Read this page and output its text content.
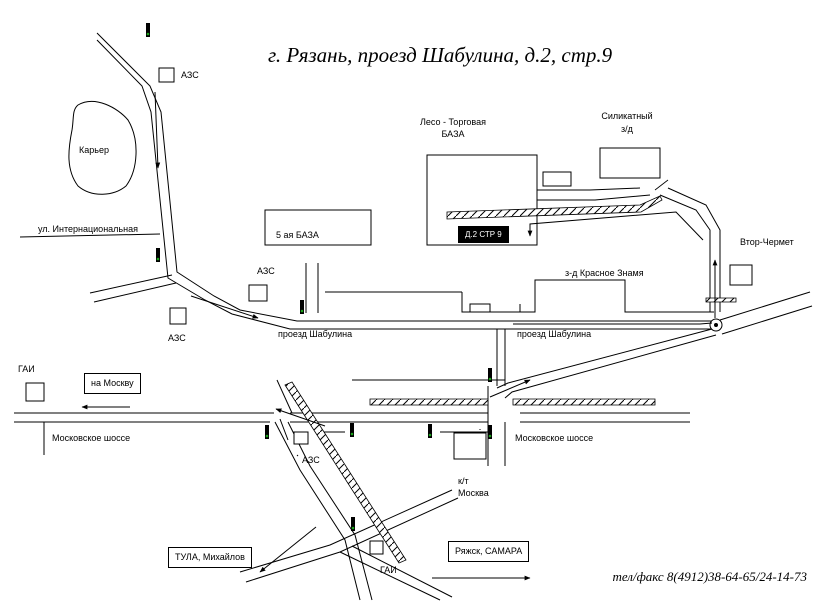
г. Рязань, проезд Шабулина, д.2, стр.9
АЗС
Карьер
ул. Интернациональная
5 ая БАЗА
АЗС
АЗС
Лесо - Торговая
БАЗА
Силикатный
з/д
Д.2 СТР 9
Втор-Чермет
з-д Красное Знамя
проезд Шабулина	проезд Шабулина
ГАИ
на Москву
Московское шоссе	Московское шоссе
АЗС
к/т
Москва
ТУЛА, Михайлов
Ряжск, САМАРА
ГАИ	тел/факс 8(4912)38-64-65/24-14-73
